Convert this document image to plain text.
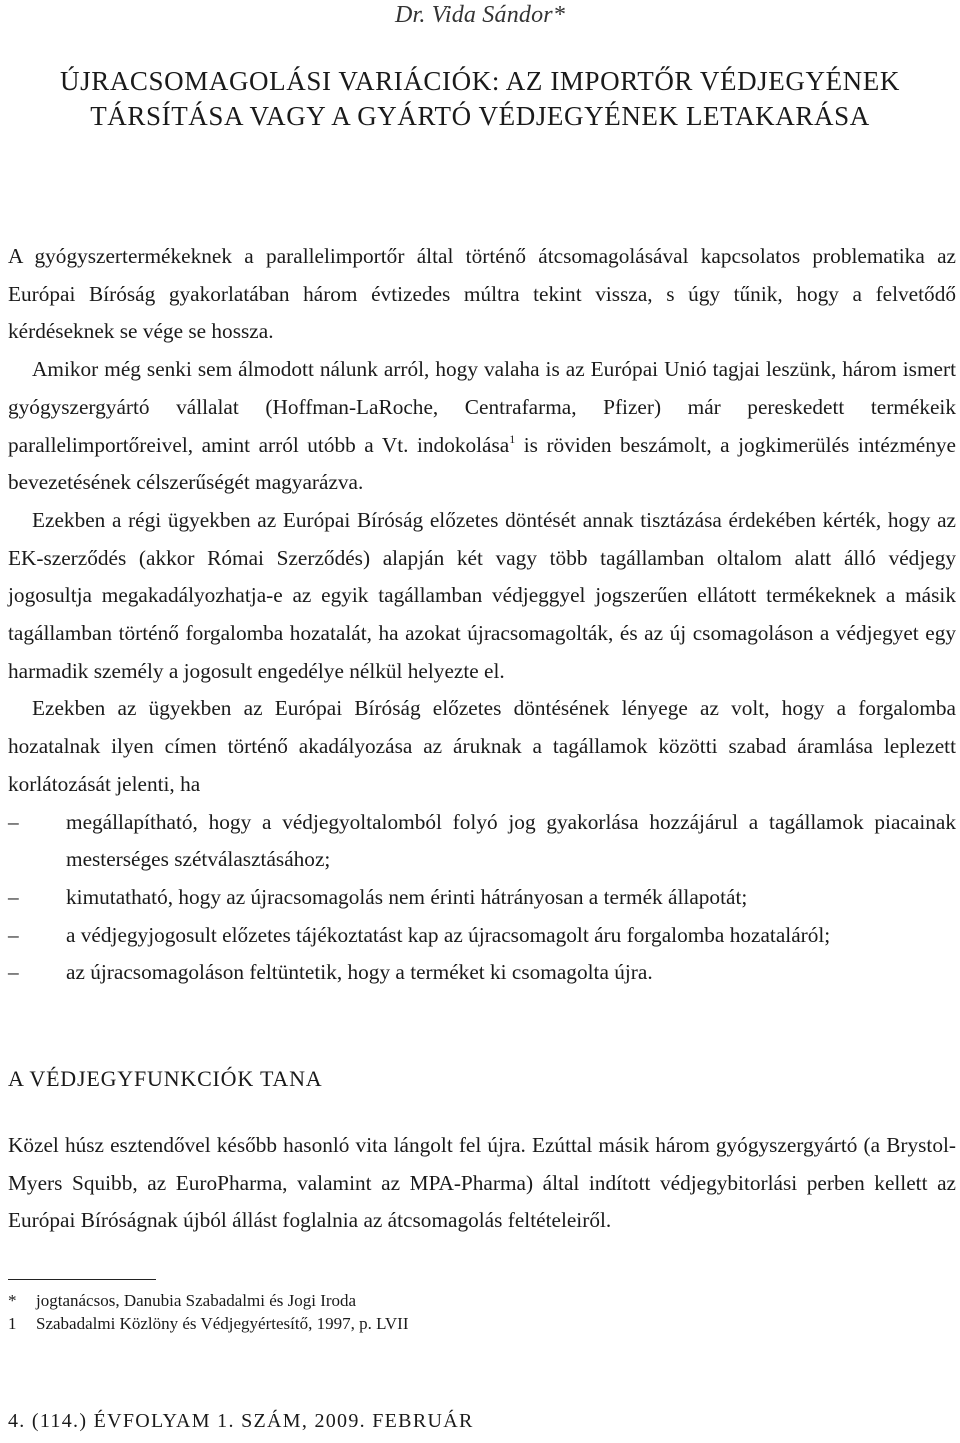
Dr. Vida Sándor*
ÚJRACSOMAGOLÁSI VARIÁCIÓK: AZ IMPORTŐR VÉDJEGYÉNEK
TÁRSÍTÁSA VAGY A GYÁRTÓ VÉDJEGYÉNEK LETAKARÁSA

A gyógyszertermékeknek a parallelimportőr által történő átcsomagolásával kapcsolatos problematika az Európai Bíróság gyakorlatában három évtizedes múltra tekint vissza, s úgy tűnik, hogy a felvetődő kérdéseknek se vége se hossza.

Amikor még senki sem álmodott nálunk arról, hogy valaha is az Európai Unió tagjai leszünk, három ismert gyógyszergyártó vállalat (Hoffman-LaRoche, Centrafarma, Pfizer) már pereskedett termékeik parallelimportőreivel, amint arról utóbb a Vt. indokolása$^1$ is röviden beszámolt, a jogkimerülés intézménye bevezetésének célszerűségét magyarázva.

Ezekben a régi ügyekben az Európai Bíróság előzetes döntését annak tisztázása érdekében kérték, hogy az EK-szerződés (akkor Római Szerződés) alapján két vagy több tagállamban oltalom alatt álló védjegy jogosultja megakadályozhatja-e az egyik tagállamban védjeggyel jogszerűen ellátott termékeknek a másik tagállamban történő forgalomba hozatalát, ha azokat újracsomagolták, és az új csomagoláson a védjegyet egy harmadik személy a jogosult engedélye nélkül helyezte el.

Ezekben az ügyekben az Európai Bíróság előzetes döntésének lényege az volt, hogy a forgalomba hozatalnak ilyen címen történő akadályozása az áruknak a tagállamok közötti szabad áramlása leplezett korlátozását jelenti, ha

– megállapítható, hogy a védjegyoltalomból folyó jog gyakorlása hozzájárul a tagállamok piacainak mesterséges szétválasztásához;
– kimutatható, hogy az újracsomagolás nem érinti hátrányosan a termék állapotát;
– a védjegyjogosult előzetes tájékoztatást kap az újracsomagolt áru forgalomba hozataláról;
– az újracsomagoláson feltüntetik, hogy a terméket ki csomagolta újra.
A VÉDJEGYFUNKCIÓK TANA

Közel húsz esztendővel később hasonló vita lángolt fel újra. Ezúttal másik három gyógyszergyártó (a Brystol-Myers Squibb, az EuroPharma, valamint az MPA-Pharma) által indított védjegybitorlási perben kellett az Európai Bíróságnak újból állást foglalnia az átcsomagolás feltételeiről.

* jogtanácsos, Danubia Szabadalmi és Jogi Iroda
1 Szabadalmi Közlöny és Védjegyértesítő, 1997, p. LVII
4. (114.) ÉVFOLYAM 1. SZÁM, 2009. FEBRUÁR
